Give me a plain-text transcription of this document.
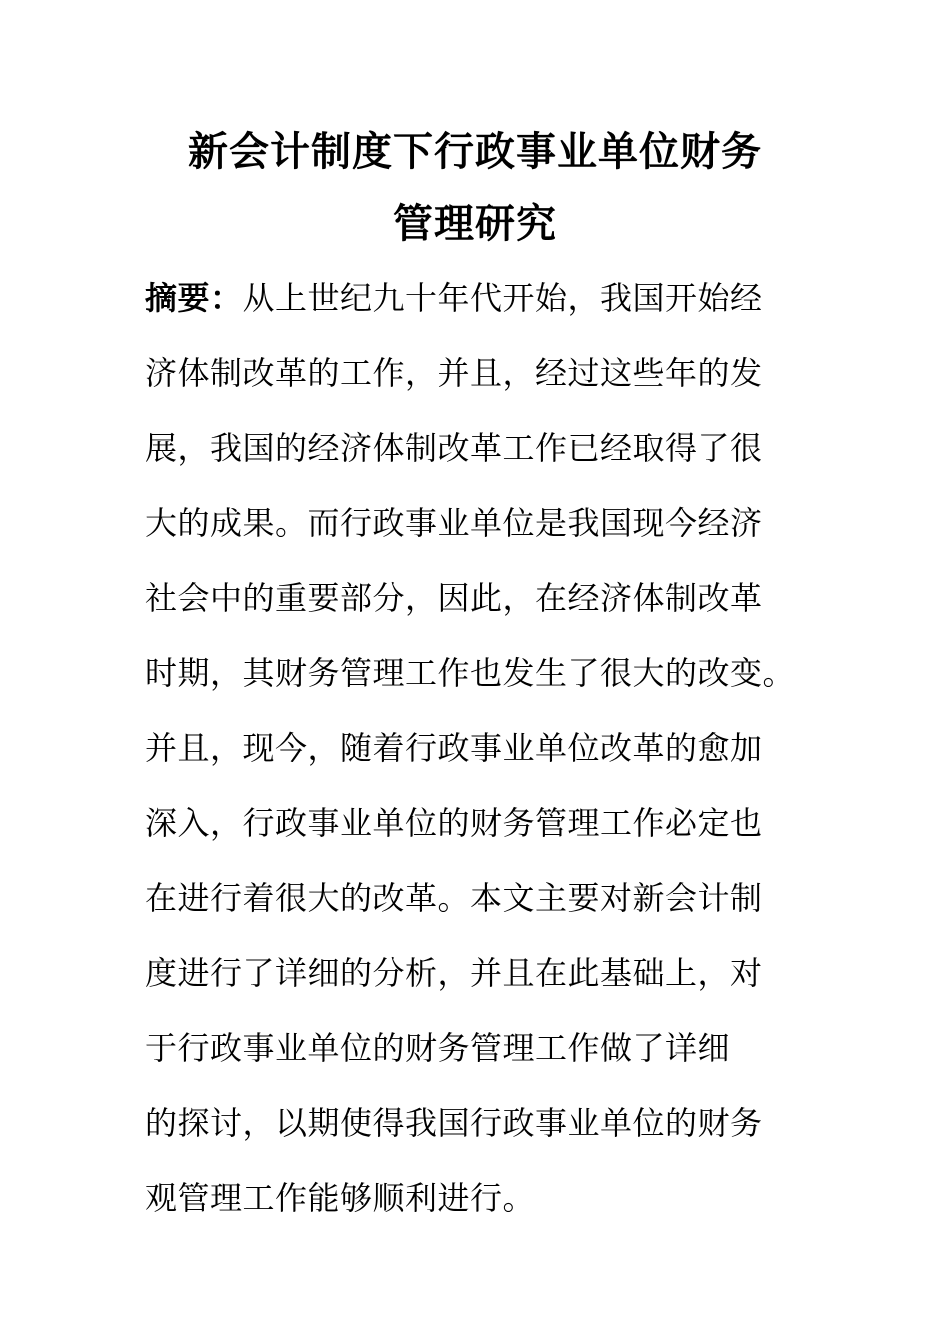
新会计制度下行政事业单位财务
管理研究
摘要：从上世纪九十年代开始，我国开始经
济体制改革的工作，并且，经过这些年的发
展，我国的经济体制改革工作已经取得了很
大的成果。而行政事业单位是我国现今经济
社会中的重要部分，因此，在经济体制改革
时期，其财务管理工作也发生了很大的改变。
并且，现今，随着行政事业单位改革的愈加
深入，行政事业单位的财务管理工作必定也
在进行着很大的改革。本文主要对新会计制
度进行了详细的分析，并且在此基础上，对
于行政事业单位的财务管理工作做了详细
的探讨，以期使得我国行政事业单位的财务
观管理工作能够顺利进行。
